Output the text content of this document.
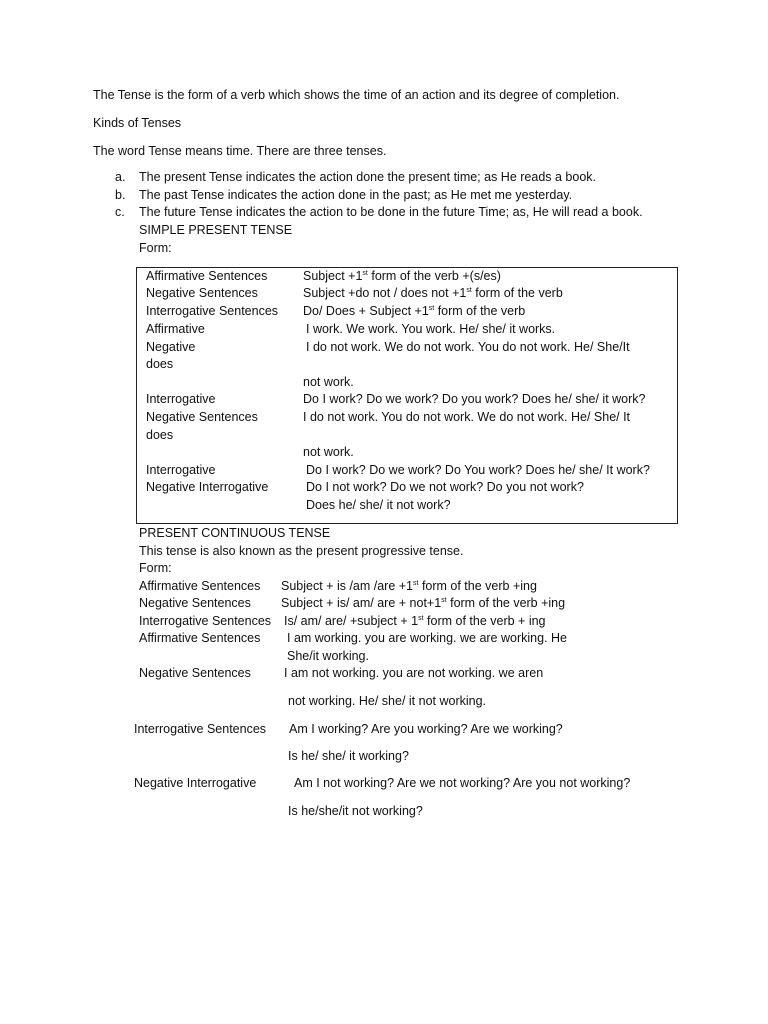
The Tense is the form of a verb which shows the time of an action and its degree of completion.
Kinds of Tenses
The word Tense means time. There are three tenses.
a. The present Tense indicates the action done the present time; as He reads a book.
b. The past Tense indicates the action done in the past; as He met me yesterday.
c. The future Tense indicates the action to be done in the future Time; as, He will read a book.
SIMPLE PRESENT TENSE
Form:
Affirmative Sentences	Subject +1st form of the verb +(s/es)
Negative Sentences	Subject +do not / does not +1st form of the verb
Interrogative Sentences Do/ Does + Subject +1st form of the verb
Affirmative	I work. We work. You work. He/ she/ it works.
Negative	I do not work. We do not work. You do not work. He/ She/It
does
not work.
Interrogative	Do I work? Do we work? Do you work? Does he/ she/ it work?
Negative Sentences	I do not work. You do not work. We do not work. He/ She/ It
does
not work.
Interrogative	Do I work? Do we work? Do You work? Does he/ she/ It work?
Negative Interrogative	Do I not work? Do we not work? Do you not work?
Does he/ she/ it not work?
PRESENT CONTINUOUS TENSE
This tense is also known as the present progressive tense.
Form:
Affirmative Sentences Subject + is /am /are +1st form of the verb +ing
Negative Sentences Subject + is/ am/ are + not+1st form of the verb +ing
Interrogative Sentences Is/ am/ are/ +subject + 1st form of the verb + ing
Affirmative Sentences I am working. you are working. we are working. He
She/it working.
Negative Sentences	I am not working. you are not working. we aren
not working. He/ she/ it not working.
Interrogative Sentences Am I working? Are you working? Are we working?
Is he/ she/ it working?
Negative Interrogative	Am I not working? Are we not working? Are you not working?
Is he/she/it not working?
